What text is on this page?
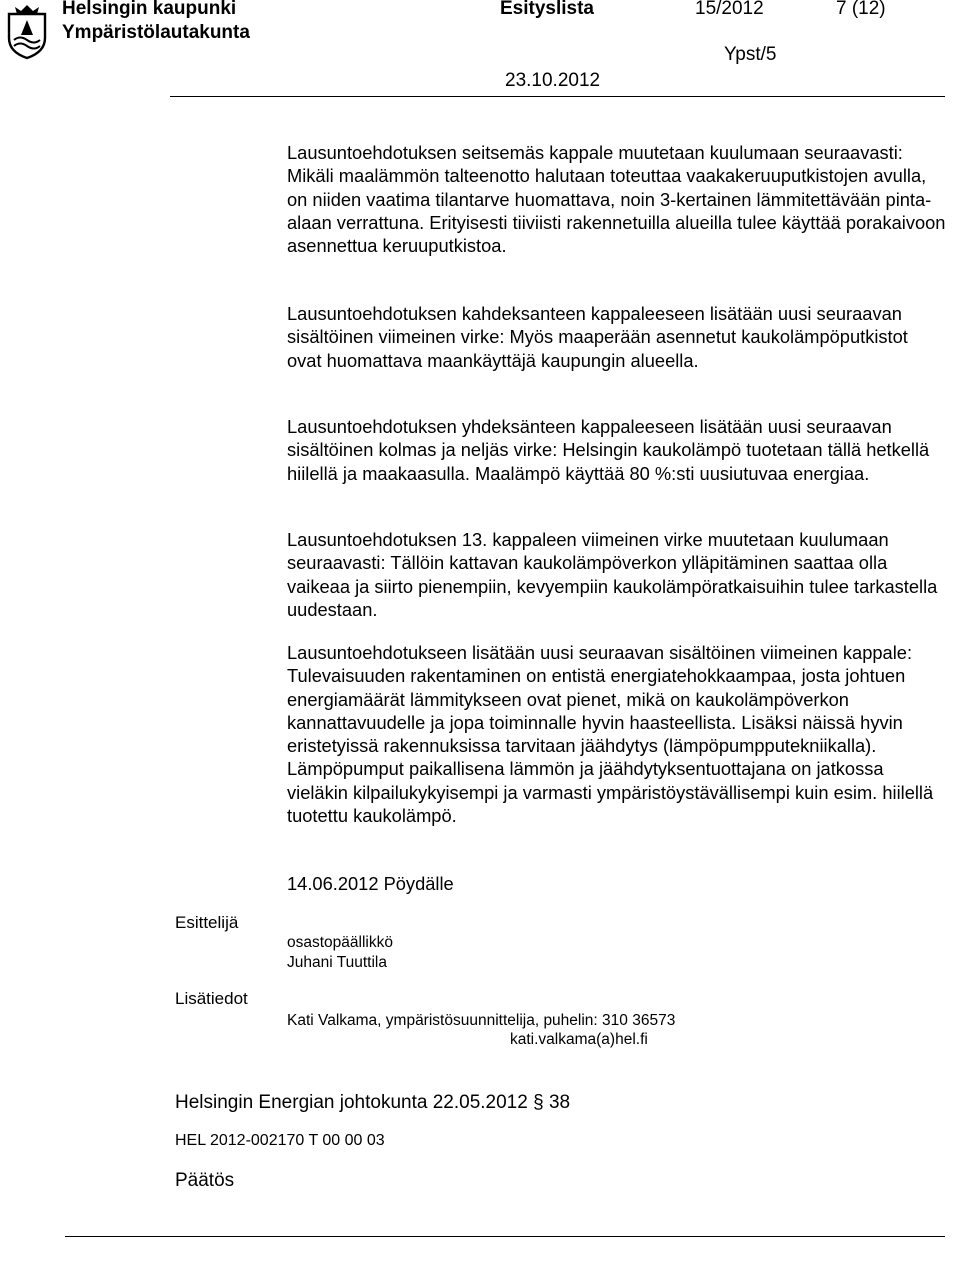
Helsingin kaupunki
Ympäristölautakunta
Esityslista	15/2012	7 (12)
Ypst/5
23.10.2012

Lausuntoehdotuksen seitsemäs kappale muutetaan kuulumaan seuraavasti: Mikäli maalämmön talteenotto halutaan toteuttaa vaakakeruuputkistojen avulla, on niiden vaatima tilantarve huomattava, noin 3-kertainen lämmitettävään pinta-alaan verrattuna. Erityisesti tiiviisti rakennetuilla alueilla tulee käyttää porakaivoon asennettua keruuputkistoa.

Lausuntoehdotuksen kahdeksanteen kappaleeseen lisätään uusi seuraavan sisältöinen viimeinen virke: Myös maaperään asennetut kaukolämpöputkistot ovat huomattava maankäyttäjä kaupungin alueella.

Lausuntoehdotuksen yhdeksänteen kappaleeseen lisätään uusi seuraavan sisältöinen kolmas ja neljäs virke: Helsingin kaukolämpö tuotetaan tällä hetkellä hiilellä ja maakaasulla. Maalämpö käyttää 80 %:sti uusiutuvaa energiaa.

Lausuntoehdotuksen 13. kappaleen viimeinen virke muutetaan kuulumaan seuraavasti: Tällöin kattavan kaukolämpöverkon ylläpitäminen saattaa olla vaikeaa ja siirto pienempiin, kevyempiin kaukolämpöratkaisuihin tulee tarkastella uudestaan.

Lausuntoehdotukseen lisätään uusi seuraavan sisältöinen viimeinen kappale: Tulevaisuuden rakentaminen on entistä energiatehokkaampaa, josta johtuen energiamäärät lämmitykseen ovat pienet, mikä on kaukolämpöverkon kannattavuudelle ja jopa toiminnalle hyvin haasteellista. Lisäksi näissä hyvin eristetyissä rakennuksissa tarvitaan jäähdytys (lämpöpumpputekniikalla). Lämpöpumput paikallisena lämmön ja jäähdytyksentuottajana on jatkossa vieläkin kilpailukykyisempi ja varmasti ympäristöystävällisempi kuin esim. hiilellä tuotettu kaukolämpö.

14.06.2012 Pöydälle
Esittelijä
osastopäällikkö
Juhani Tuuttila
Lisätiedot
Kati Valkama, ympäristösuunnittelija, puhelin: 310 36573
kati.valkama(a)hel.fi
Helsingin Energian johtokunta 22.05.2012 § 38
HEL 2012-002170 T 00 00 03
Päätös
